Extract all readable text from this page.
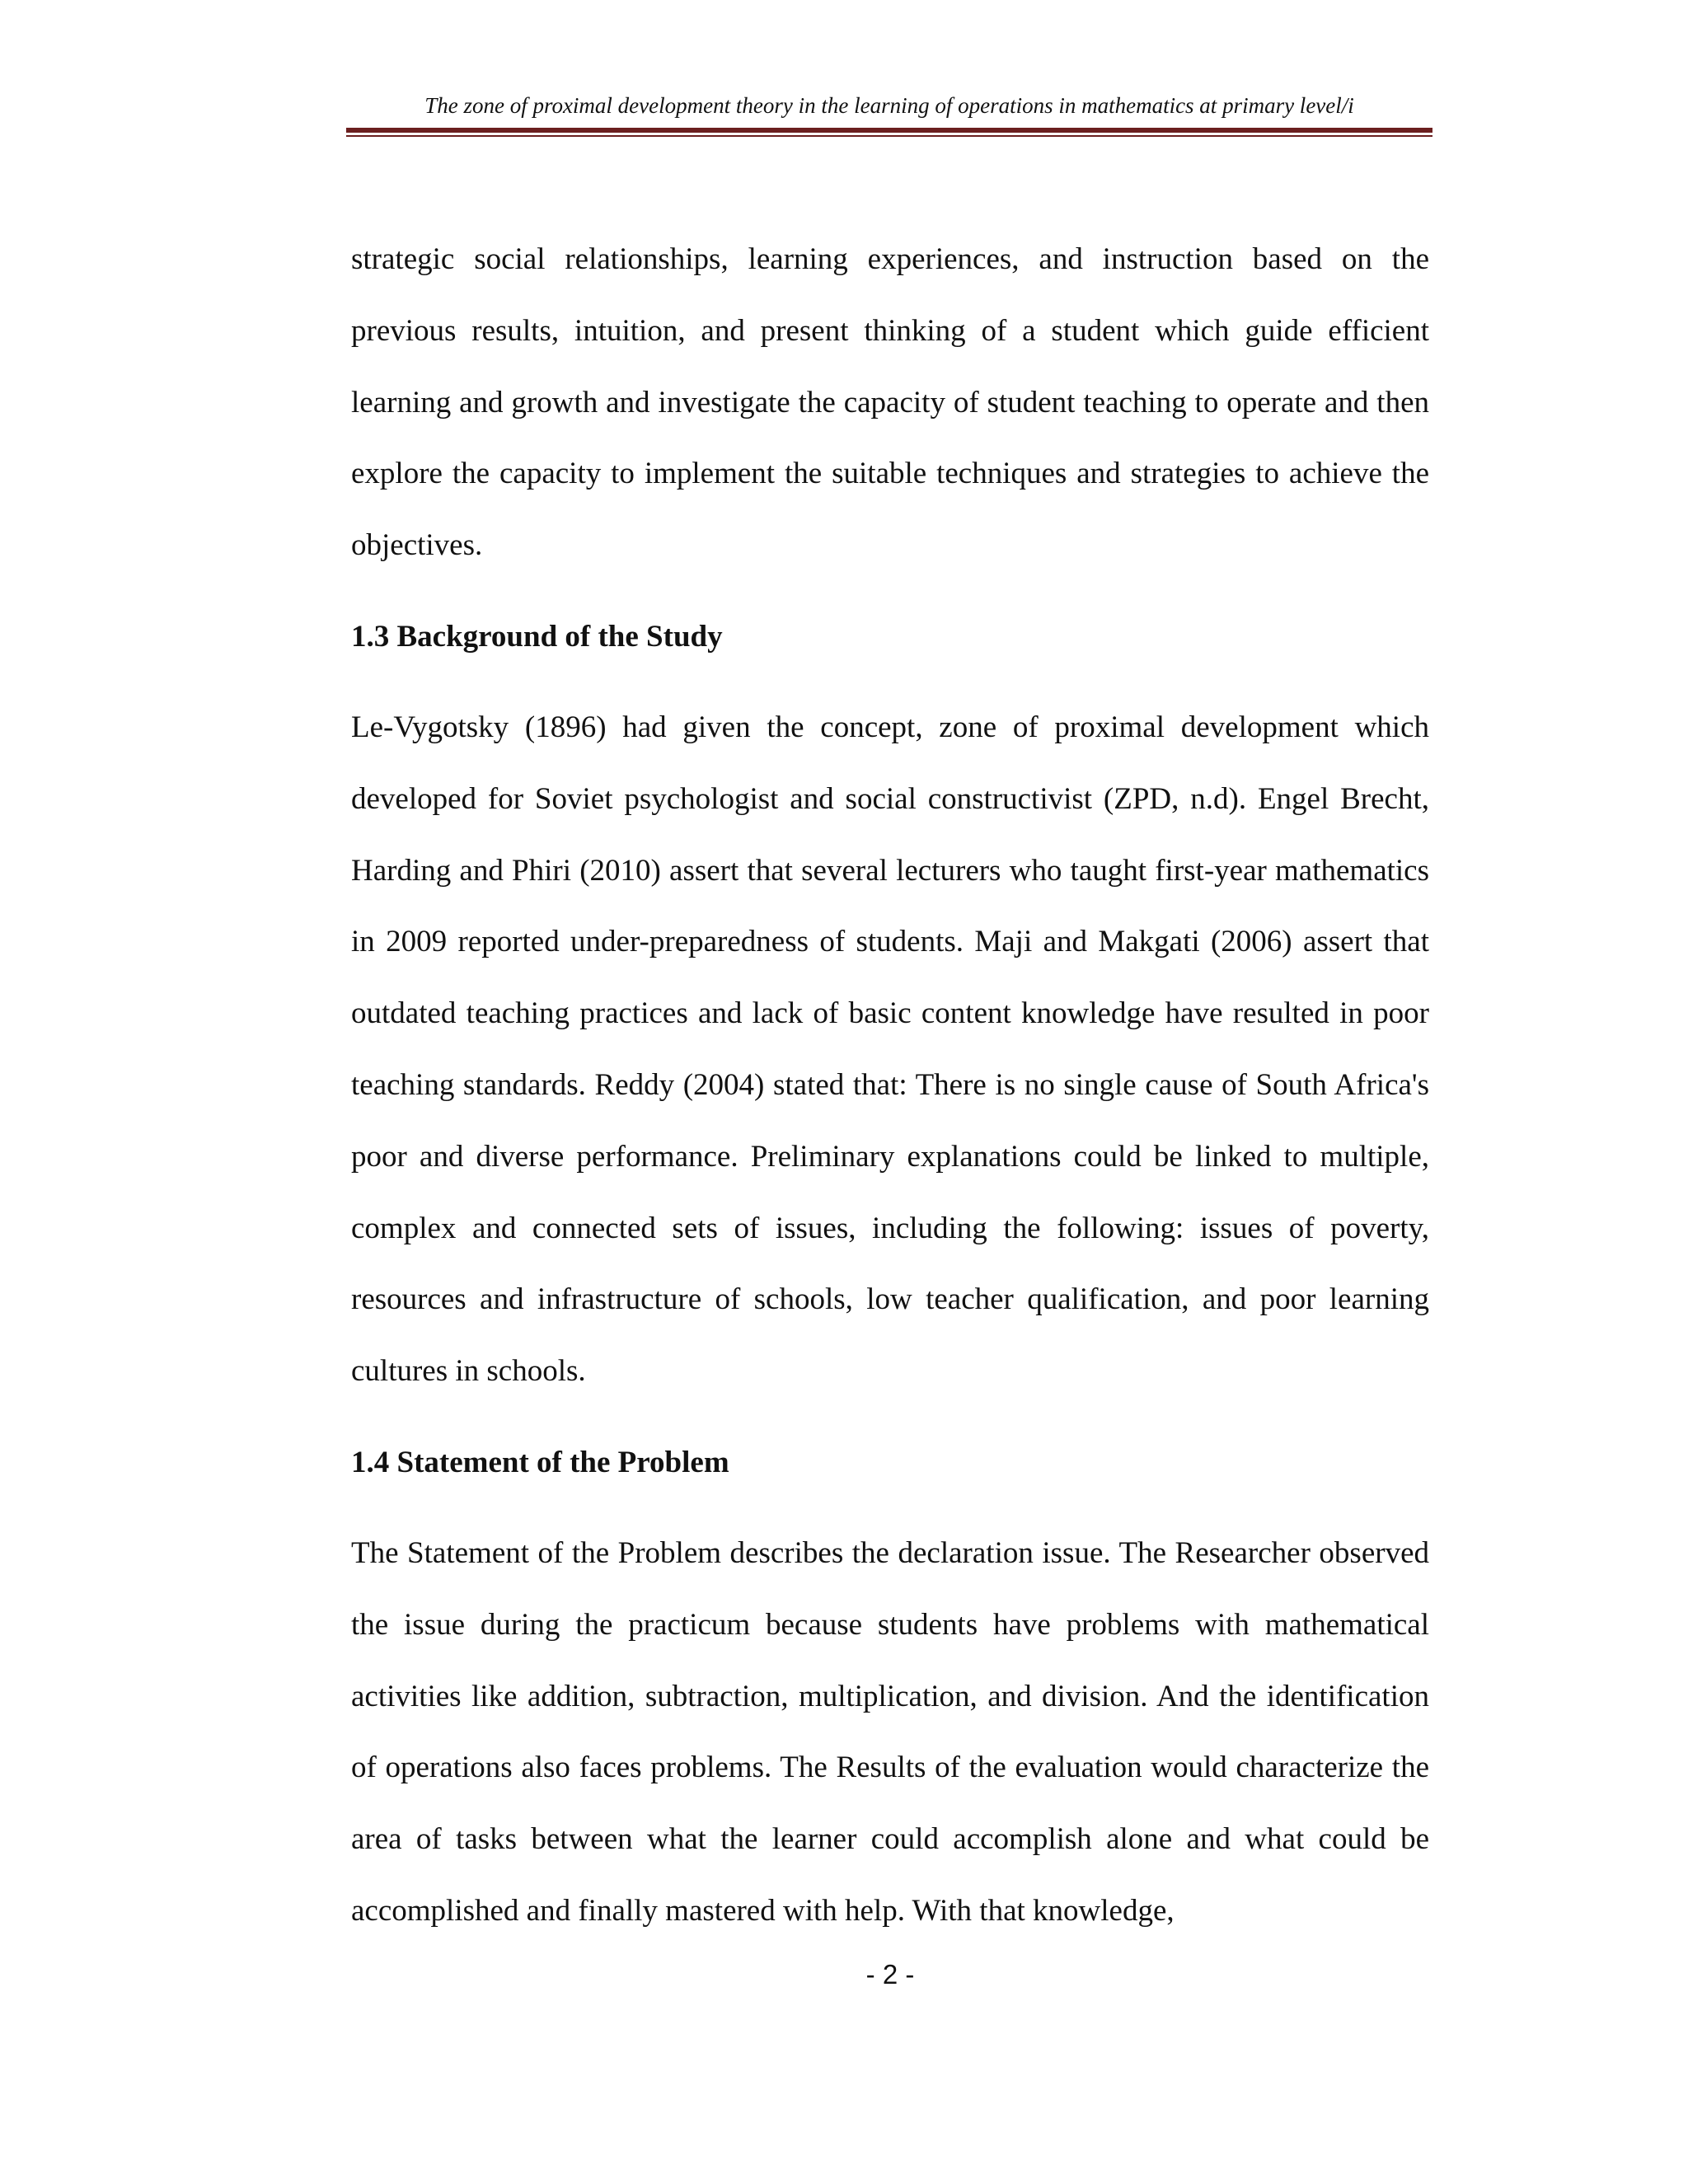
The zone of proximal development theory in the learning of operations in mathematics at primary level/i

strategic social relationships, learning experiences, and instruction based on the previous results, intuition, and present thinking of a student which guide efficient learning and growth and investigate the capacity of student teaching to operate and then explore the capacity to implement the suitable techniques and strategies to achieve the objectives.

1.3 Background of the Study

Le-Vygotsky (1896) had given the concept, zone of proximal development which developed for Soviet psychologist and social constructivist (ZPD, n.d). Engel Brecht, Harding and Phiri (2010) assert that several lecturers who taught first-year mathematics in 2009 reported under-preparedness of students. Maji and Makgati (2006) assert that outdated teaching practices and lack of basic content knowledge have resulted in poor teaching standards. Reddy (2004) stated that: There is no single cause of South Africa's poor and diverse performance. Preliminary explanations could be linked to multiple, complex and connected sets of issues, including the following: issues of poverty, resources and infrastructure of schools, low teacher qualification, and poor learning cultures in schools.

1.4 Statement of the Problem

The Statement of the Problem describes the declaration issue. The Researcher observed the issue during the practicum because students have problems with mathematical activities like addition, subtraction, multiplication, and division. And the identification of operations also faces problems. The Results of the evaluation would characterize the area of tasks between what the learner could accomplish alone and what could be accomplished and finally mastered with help. With that knowledge,

- 2 -
